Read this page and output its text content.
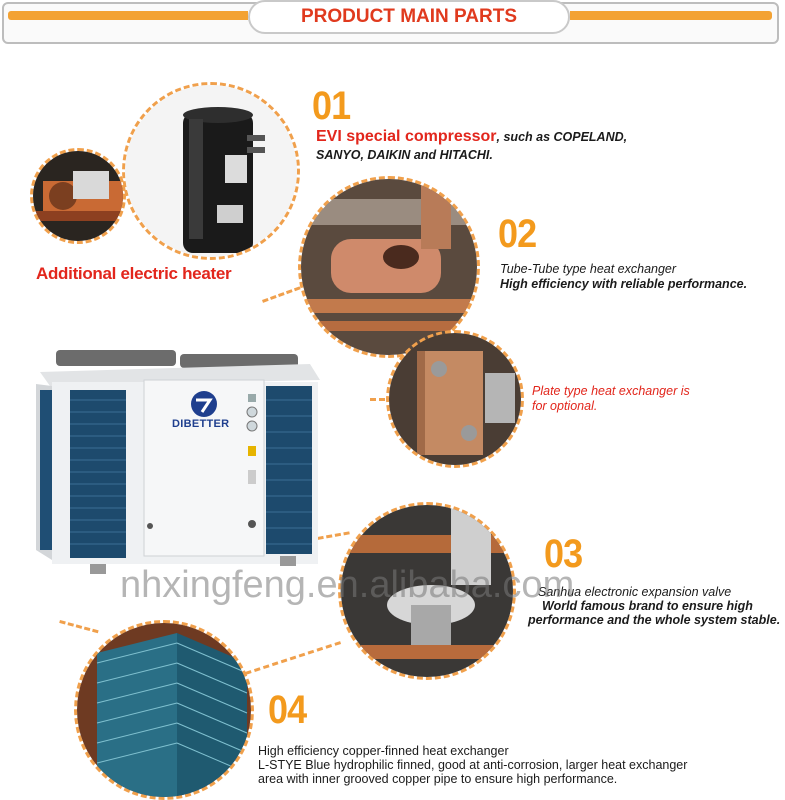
PRODUCT MAIN PARTS
Additional electric heater
01
EVI special compressor, such as COPELAND,
SANYO, DAIKIN and HITACHI.
02
Tube-Tube type heat exchanger
High efficiency with reliable performance.
Plate type heat exchanger is
for optional.
DIBETTER
03
Sanhua electronic expansion valve
World famous brand to ensure high
performance and the whole system stable.
04
High efficiency copper-finned heat exchanger
L-STYE Blue hydrophilic finned, good at anti-corrosion, larger heat exchanger
area with inner grooved copper pipe to ensure high performance.
nhxingfeng.en.alibaba.com
